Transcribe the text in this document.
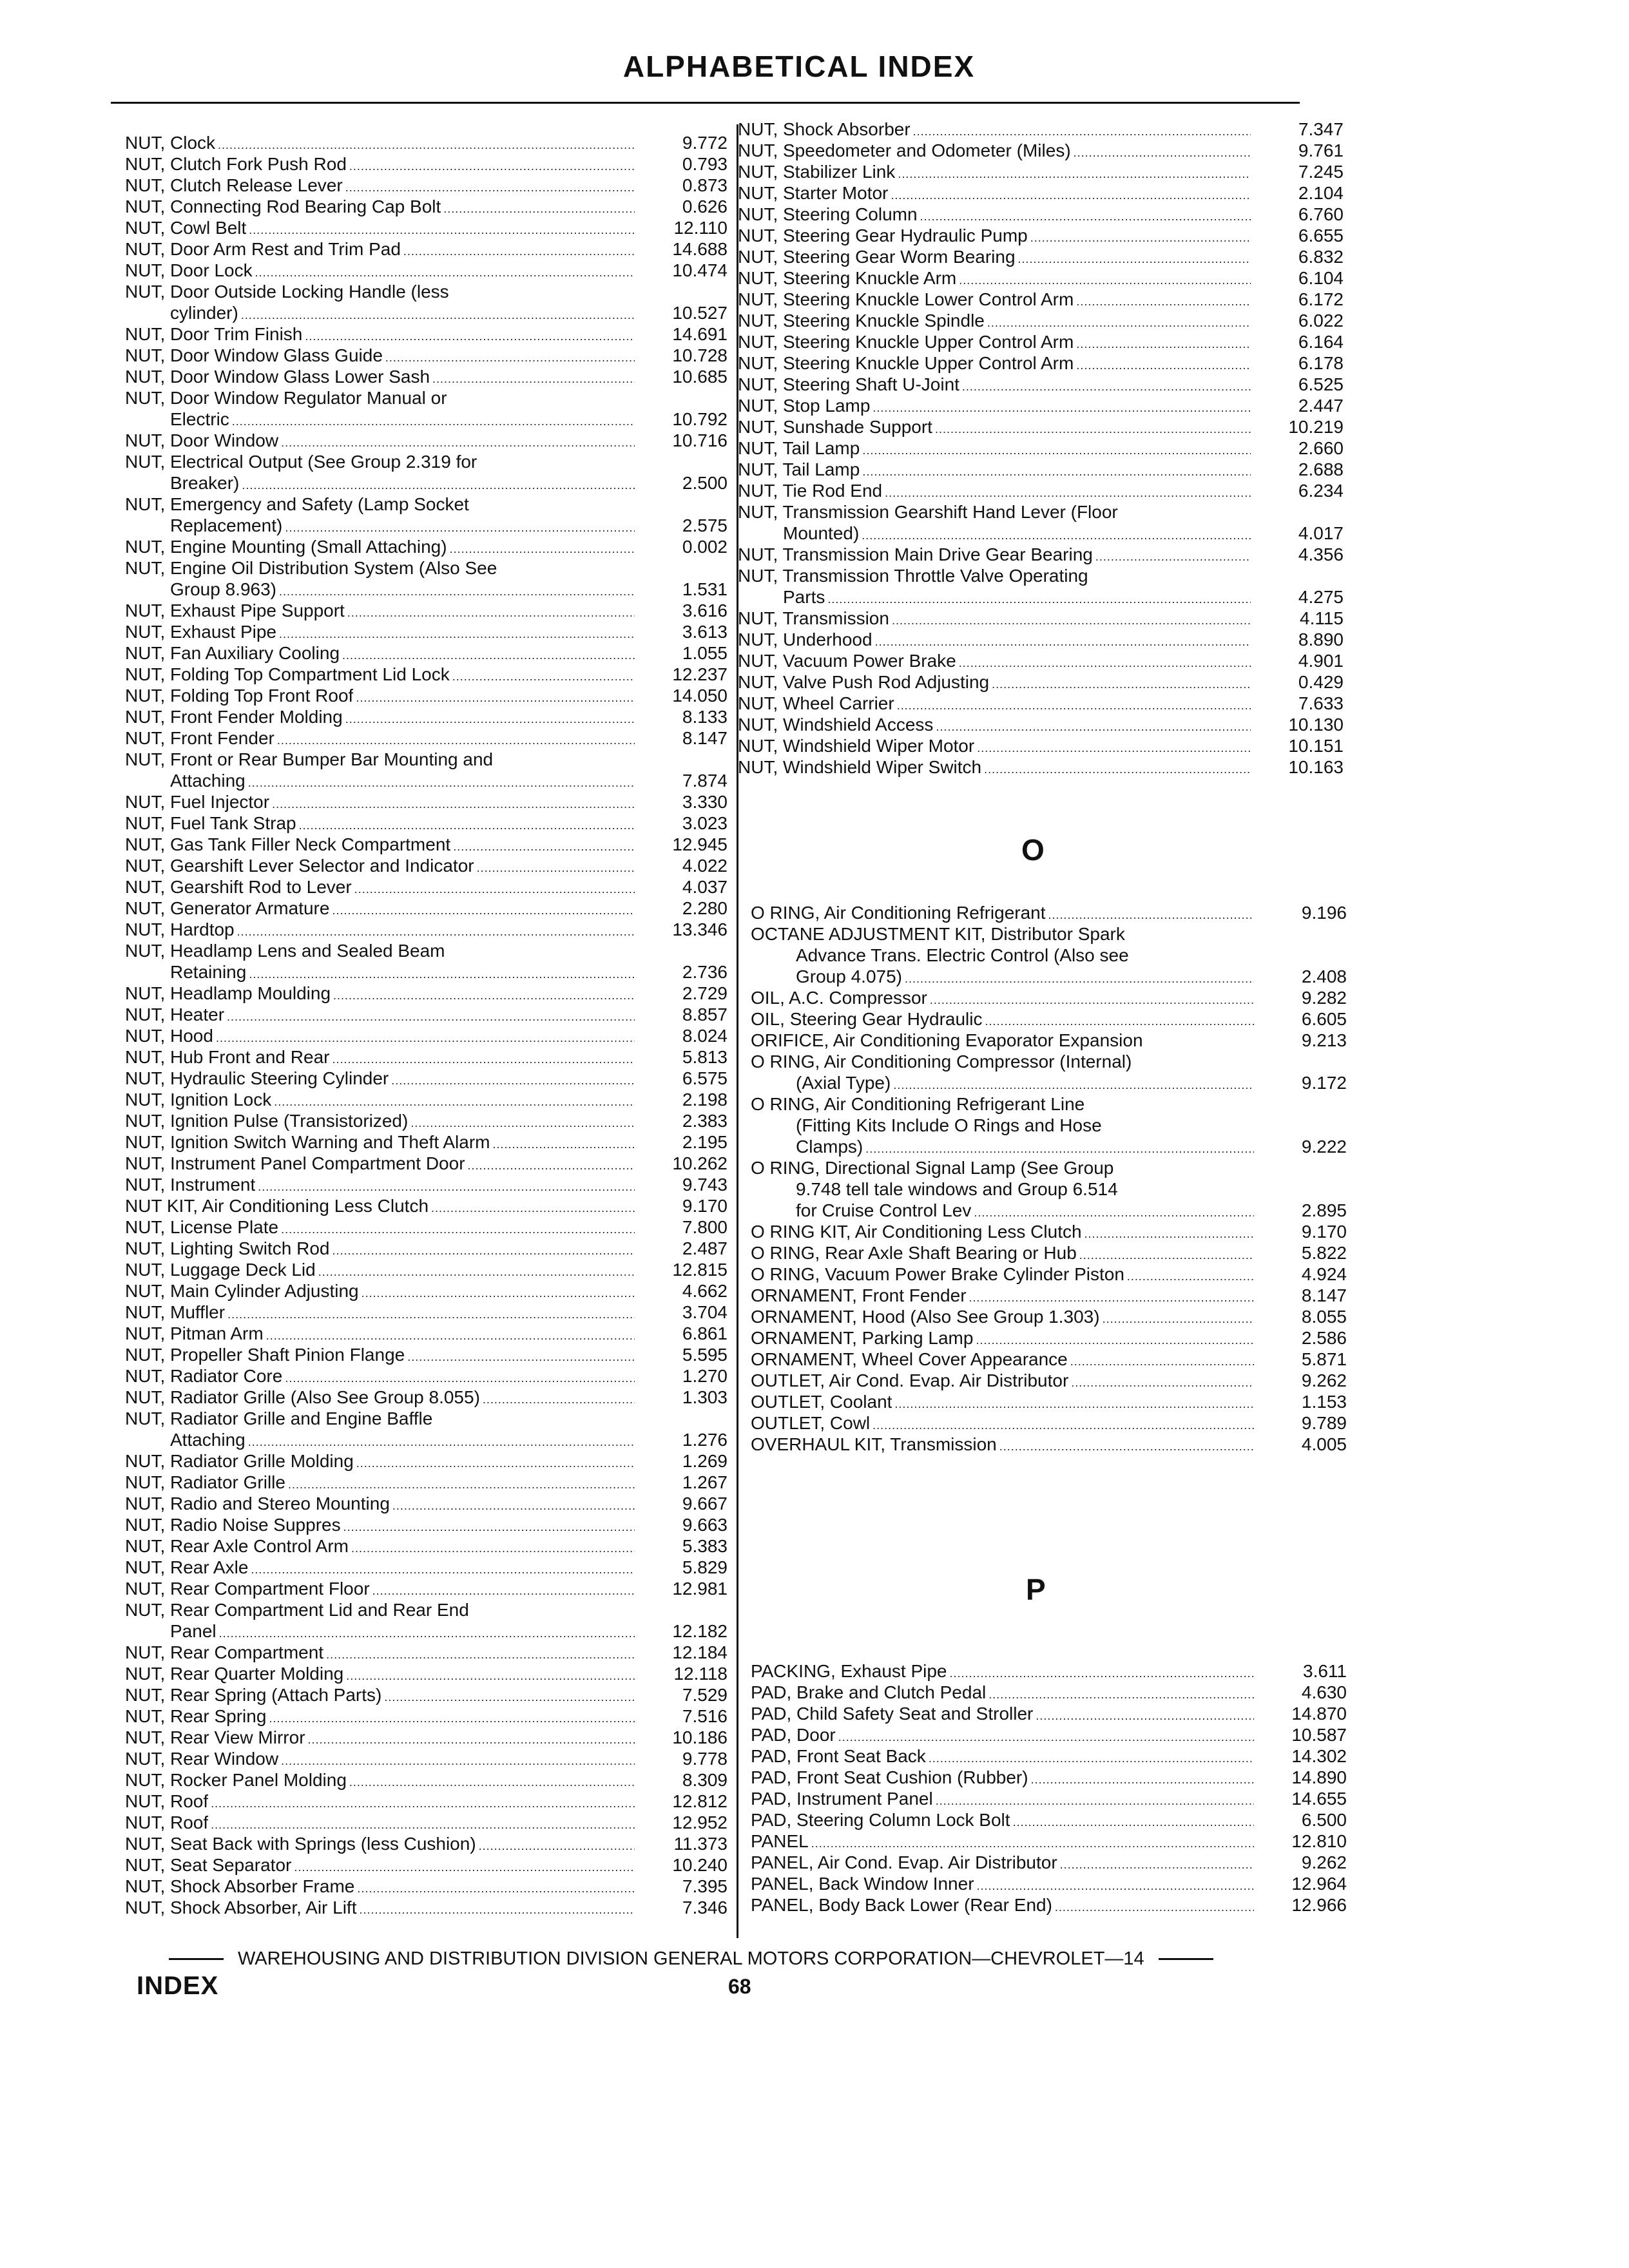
ALPHABETICAL INDEX
NUT, Clock .....	9.772
NUT, Clutch Fork Push Rod .....	0.793
NUT, Clutch Release Lever .....	0.873
NUT, Connecting Rod Bearing Cap Bolt .....	0.626
NUT, Cowl Belt .....	12.110
NUT, Door Arm Rest and Trim Pad .....	14.688
NUT, Door Lock .....	10.474
NUT, Door Outside Locking Handle (less
cylinder) .....	10.527
NUT, Door Trim Finish .....	14.691
NUT, Door Window Glass Guide .....	10.728
NUT, Door Window Glass Lower Sash .....	10.685
NUT, Door Window Regulator Manual or
Electric .....	10.792
NUT, Door Window .....	10.716
NUT, Electrical Output (See Group 2.319 for
Breaker) .....	2.500
NUT, Emergency and Safety (Lamp Socket
Replacement) .....	2.575
NUT, Engine Mounting (Small Attaching) .....	0.002
NUT, Engine Oil Distribution System (Also See
Group 8.963) .....	1.531
NUT, Exhaust Pipe Support .....	3.616
NUT, Exhaust Pipe .....	3.613
NUT, Fan Auxiliary Cooling .....	1.055
NUT, Folding Top Compartment Lid Lock .....	12.237
NUT, Folding Top Front Roof .....	14.050
NUT, Front Fender Molding .....	8.133
NUT, Front Fender .....	8.147
NUT, Front or Rear Bumper Bar Mounting and
Attaching .....	7.874
NUT, Fuel Injector .....	3.330
NUT, Fuel Tank Strap .....	3.023
NUT, Gas Tank Filler Neck Compartment .....	12.945
NUT, Gearshift Lever Selector and Indicator .....	4.022
NUT, Gearshift Rod to Lever .....	4.037
NUT, Generator Armature .....	2.280
NUT, Hardtop .....	13.346
NUT, Headlamp Lens and Sealed Beam
Retaining .....	2.736
NUT, Headlamp Moulding .....	2.729
NUT, Heater .....	8.857
NUT, Hood .....	8.024
NUT, Hub Front and Rear .....	5.813
NUT, Hydraulic Steering Cylinder .....	6.575
NUT, Ignition Lock .....	2.198
NUT, Ignition Pulse (Transistorized) .....	2.383
NUT, Ignition Switch Warning and Theft Alarm .....	2.195
NUT, Instrument Panel Compartment Door .....	10.262
NUT, Instrument .....	9.743
NUT KIT, Air Conditioning Less Clutch .....	9.170
NUT, License Plate .....	7.800
NUT, Lighting Switch Rod .....	2.487
NUT, Luggage Deck Lid .....	12.815
NUT, Main Cylinder Adjusting .....	4.662
NUT, Muffler .....	3.704
NUT, Pitman Arm .....	6.861
NUT, Propeller Shaft Pinion Flange .....	5.595
NUT, Radiator Core .....	1.270
NUT, Radiator Grille (Also See Group 8.055) .....	1.303
NUT, Radiator Grille and Engine Baffle
Attaching .....	1.276
NUT, Radiator Grille Molding .....	1.269
NUT, Radiator Grille .....	1.267
NUT, Radio and Stereo Mounting .....	9.667
NUT, Radio Noise Suppres .....	9.663
NUT, Rear Axle Control Arm .....	5.383
NUT, Rear Axle .....	5.829
NUT, Rear Compartment Floor .....	12.981
NUT, Rear Compartment Lid and Rear End
Panel .....	12.182
NUT, Rear Compartment .....	12.184
NUT, Rear Quarter Molding .....	12.118
NUT, Rear Spring (Attach Parts) .....	7.529
NUT, Rear Spring .....	7.516
NUT, Rear View Mirror .....	10.186
NUT, Rear Window .....	9.778
NUT, Rocker Panel Molding .....	8.309
NUT, Roof .....	12.812
NUT, Roof .....	12.952
NUT, Seat Back with Springs (less Cushion) .....	11.373
NUT, Seat Separator .....	10.240
NUT, Shock Absorber Frame .....	7.395
NUT, Shock Absorber, Air Lift .....	7.346
NUT, Shock Absorber .....	7.347
NUT, Speedometer and Odometer (Miles) .....	9.761
NUT, Stabilizer Link .....	7.245
NUT, Starter Motor .....	2.104
NUT, Steering Column .....	6.760
NUT, Steering Gear Hydraulic Pump .....	6.655
NUT, Steering Gear Worm Bearing .....	6.832
NUT, Steering Knuckle Arm .....	6.104
NUT, Steering Knuckle Lower Control Arm .....	6.172
NUT, Steering Knuckle Spindle .....	6.022
NUT, Steering Knuckle Upper Control Arm .....	6.164
NUT, Steering Knuckle Upper Control Arm .....	6.178
NUT, Steering Shaft U-Joint .....	6.525
NUT, Stop Lamp .....	2.447
NUT, Sunshade Support .....	10.219
NUT, Tail Lamp .....	2.660
NUT, Tail Lamp .....	2.688
NUT, Tie Rod End .....	6.234
NUT, Transmission Gearshift Hand Lever (Floor
Mounted) .....	4.017
NUT, Transmission Main Drive Gear Bearing .....	4.356
NUT, Transmission Throttle Valve Operating
Parts .....	4.275
NUT, Transmission .....	4.115
NUT, Underhood .....	8.890
NUT, Vacuum Power Brake .....	4.901
NUT, Valve Push Rod Adjusting .....	0.429
NUT, Wheel Carrier .....	7.633
NUT, Windshield Access .....	10.130
NUT, Windshield Wiper Motor .....	10.151
NUT, Windshield Wiper Switch .....	10.163
O
O RING, Air Conditioning Refrigerant .....	9.196
OCTANE ADJUSTMENT KIT, Distributor Spark
Advance Trans. Electric Control (Also see
Group 4.075) .....	2.408
OIL, A.C. Compressor .....	9.282
OIL, Steering Gear Hydraulic .....	6.605
ORIFICE, Air Conditioning Evaporator Expansion	9.213
O RING, Air Conditioning Compressor (Internal)
(Axial Type) .....	9.172
O RING, Air Conditioning Refrigerant Line
(Fitting Kits Include O Rings and Hose
Clamps) .....	9.222
O RING, Directional Signal Lamp (See Group
9.748 tell tale windows and Group 6.514
for Cruise Control Lev .....	2.895
O RING KIT, Air Conditioning Less Clutch .....	9.170
O RING, Rear Axle Shaft Bearing or Hub .....	5.822
O RING, Vacuum Power Brake Cylinder Piston .....	4.924
ORNAMENT, Front Fender .....	8.147
ORNAMENT, Hood (Also See Group 1.303) .....	8.055
ORNAMENT, Parking Lamp .....	2.586
ORNAMENT, Wheel Cover Appearance .....	5.871
OUTLET, Air Cond. Evap. Air Distributor .....	9.262
OUTLET, Coolant .....	1.153
OUTLET, Cowl .....	9.789
OVERHAUL KIT, Transmission .....	4.005
P
PACKING, Exhaust Pipe .....	3.611
PAD, Brake and Clutch Pedal .....	4.630
PAD, Child Safety Seat and Stroller .....	14.870
PAD, Door .....	10.587
PAD, Front Seat Back .....	14.302
PAD, Front Seat Cushion (Rubber) .....	14.890
PAD, Instrument Panel .....	14.655
PAD, Steering Column Lock Bolt .....	6.500
PANEL .....	12.810
PANEL, Air Cond. Evap. Air Distributor .....	9.262
PANEL, Back Window Inner .....	12.964
PANEL, Body Back Lower (Rear End) .....	12.966
WAREHOUSING AND DISTRIBUTION DIVISION GENERAL MOTORS CORPORATION—CHEVROLET—14
INDEX	68
